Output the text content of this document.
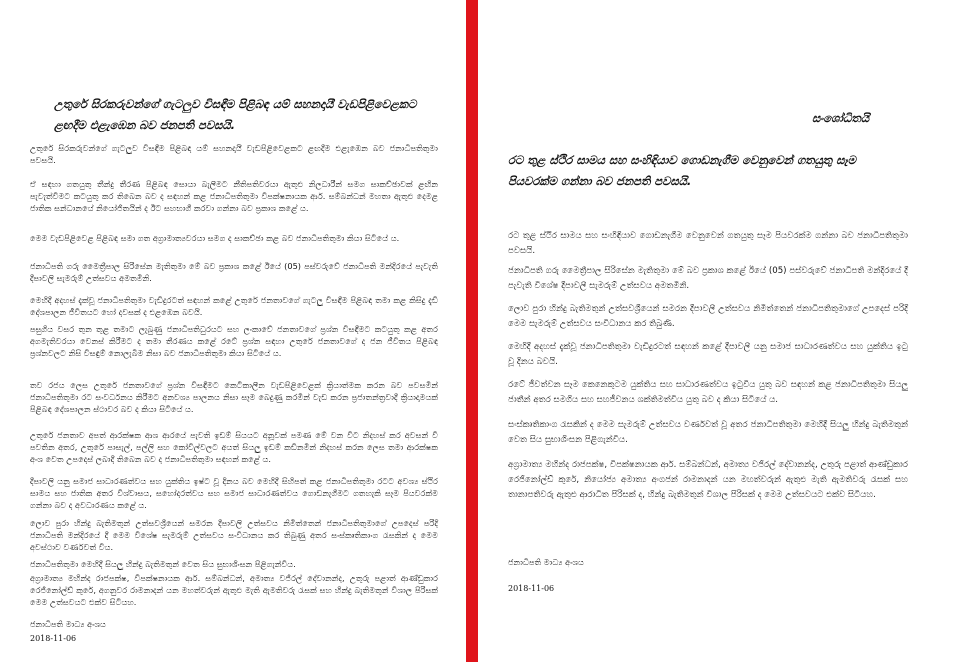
උතුරේ සිරකරුවන්ගේ ගැටලුව විසඳීම පිළිබඳ යම් සහනදායී වැඩපිළිවෙළකට ළඟදීම එළැඹෙන බව ජනපති පවසයි.

උතුරේ සිරකරුවන්ගේ ගැටලුව විසඳීම පිළිබඳ යම් සහනදායී වැඩපිළිවෙළකට ළඟදීම එළැඹෙන බව ජනාධිපතිතුමා පවසයි.

ඒ සඳහා ගතයුතු තීන්දු තීරණ පිළිබඳ සොයා බැලීමට නීතිපතිවරයා ඇතුළු නිලධාරීන් සමග සාකච්ඡාවක් ළඟින පැවැත්වීමට කටයුතු කර තිබෙන බව ද සඳහන් කළ ජනාධිපතිතුමා විපක්ෂනායක ආර්. සම්බන්ධන් මහතා ඇතුළු දෙමළ ජාතික සන්ධානයේ නියෝජිතයින් ද ඊට සහභාගී කරවා ගන්නා බව ප්‍රකාශ කළේ ය.

මෙම වැඩපිළිවෙළ පිළිබඳ සමා ගත අග්‍රාමාත්‍යවරයා සමග ද සාකච්ඡා කළ බව ජනාධිපතිතුමා කියා සිටියේ ය.

ජනාධිපති ගරු මෛත්‍රීපාල සිරිසේන මැතිතුමා මේ බව ප්‍රකාශ කළේ ඊයේ (05) පස්වරුවේ ජනාධිපති මන්දිරයේ පැවැති දීපාවලි සැමරුම් උත්සවය අමතමිනි.

මෙහිදී අදහස් දැක්වූ ජනාධිපතිතුමා වැඩිදුරටත් සඳහන් කළේ උතුරේ ජනතාවගේ ගැටලු විසඳීම පිළිබඳ තමා කළ කිසිදු දැඩි දේශපාලන ජීවිතයට හෝ දවසක් ද එළඹෙන බවයි.

පසුගිය වසර තුන තුළ තමාට ලැබුණු ජනාධිපතිධුරයට සහ ලංකාවේ ජනතාවගේ ප්‍රශ්න විසඳීමට කටයුතු කළ අතර අගමැතිවරයා වෙනස් කිරීමට ද තමා තීරණය කළේ රටේ ප්‍රශ්න සඳහා උතුරේ ජනතාවගේ ද ජන ජීවිතය පිළිබඳ ප්‍රශ්නවලට නිසි විසඳුම් නොලැබීම නිසා බව ජනාධිපතිතුමා කියා සිටියේ ය.

තව රජය ලෙස උතුරේ ජනතාවගේ ප්‍රශ්න විසඳීමට කෙටිකාලීන වැඩපිළිවෙළක් ක්‍රියාත්මක කරන බව පවසමින් ජනාධිපතිතුමා රට සංවර්ධනය කිරීමට අනවශ්‍ය පාලනය නිසා සෑම බෙදුණු කරමින් වැඩ කරන ප්‍රජාතන්ත්‍රවාදී ක්‍රියාදාමයක් පිළිබඳ දේශපාලන ස්ථාවර බව ද කියා සිටියේ ය.

උතුරේ ජනතාව අපත් ආරක්ෂක ආශ ආරයේ පැවති ඉඩම් සියයට අනූවක් පමණ මේ වන විට නිදහස් කර අවසන් වී පවතින අතර, උතුරේ පාසැල්, පල්ලි සහ කෝවිල්වලට අයත් සියලු ඉඩම් කඩිනමින් නිදහස් කරන ලෙස තමා ආරක්ෂක අංශ වෙත උපදෙස් ලබාදී තිබෙන බව ද ජනාධිපතිතුමා සඳහන් කළේ ය.

දීපාවලි යනු සමාජ සාධාරණත්වය සහ යුක්තිය ඉෂ්ට වූ දිනය බව මෙහිදී සිහිපත් කළ ජනාධිපතිතුමා රටට අවශ්‍ය ස්ථිර සාමය සහ ජාතික අතර විශ්වාසය, සහෝදරත්වය සහ සමාජ සාධාරණත්වය ගොඩනැගීමට ගතහැකි සෑම පියවරක්ම ගන්නා බව ද අවධාරණය කළේ ය.

ලොව පුරා හින්දු බැතිමතුන් උත්සවශ්‍රීයෙන් සමරන දීපාවලි උත්සවය නිමිත්තෙන් ජනාධිපතිතුමාගේ උපදෙස් පරිදි ජනාධිපති මන්දිරයේ දී මෙම විශේෂ සැමරුම් උත්සවය සංවිධානය කර තිබුණු අතර සංස්කෘතිකාංග රැසකින් ද මෙම අවස්ථාව වර්ණවත් විය.

ජනාධිපතිතුමා මෙහිදී සියලු හින්දු බැතිමතුන් වෙත සිය සුභාශිංසන පිළිගැන්විය.

අග්‍රාමාත්‍ය මහින්ද රාජපක්ෂ, විපක්ෂනායක ආර්. සම්බන්ධන්, අමාත්‍ය වජිරල් දේවානන්ද, උතුරු පළාත් ආණ්ඩුකාර රෙජිනෝල්ඩ් කුරේ, අගනුවර රාමනාදන් යන මහත්වරුන් ඇතුළු මැති ඇමතිවරු රැසක් සහ හින්දු බැතිමතුන් විශාල පිරිසක් මෙම උත්සවයට එක්ව සිටියහ.

ජනාධිපති මාධ්‍ය අංශය
2018-11-06
සංශෝධිතයි
රට තුළ ස්ථිර සාමය සහ සංහිඳියාව ගොඩනැගීම වෙනුවෙන් ගතයුතු සෑම පියවරක්ම ගන්නා බව ජනපති පවසයි.

රට තුළ ස්ථිර සාමය සහ සංහිඳියාව ගොඩනැගීම වෙනුවෙන් ගතයුතු සෑම පියවරක්ම ගන්නා බව ජනාධිපතිතුමා පවසයි.

ජනාධිපති ගරු මෛත්‍රීපාල සිරිසේන මැතිතුමා මේ බව ප්‍රකාශ කළේ ඊයේ (05) පස්වරුවේ ජනාධිපති මන්දිරයේ දී පැවැති විශේෂ දීපාවලී සැමරුම් උත්සවය අමතමිනි.

ලොව පුරා හින්දු බැතිමතුන් උත්සවශ්‍රීයෙන් සමරන දීපාවලී උත්සවය නිමිත්තෙන් ජනාධිපතිතුමාගේ උපදෙස් පරිදි මෙම සැමරුම් උත්සවය සංවිධානය කර තිබුණි.

මෙහිදී අදහස් දැක්වූ ජනාධිපතිතුමා වැඩිදුරටත් සඳහන් කළේ දීපාවලී යනු සමාජ සාධාරණත්වය සහ යුක්තිය ඉටු වූ දිනය බවයි.

රටේ ජීවත්වන සෑම කෙනෙකුටම යුක්තිය සහ සාධාරණත්වය ඉටුවිය යුතු බව සඳහන් කළ ජනාධිපතිතුමා සියලු ජාතීන් අතර සමගිය සහ සහජීවනය ශක්තිමත්විය යුතු බව ද කියා සිටියේ ය.

සංස්කෘතිකාංග රැසකින් ද මෙම සැමරුම් උත්සවය වර්ණවත් වූ අතර ජනාධිපතිතුමා මෙහිදී සියලු හින්දු බැතිමතුන් වෙත සිය සුභාශිංසන පිළිගැන්වීය.

අග්‍රාමාත්‍ය මහින්ද රාජපක්ෂ, විපක්ෂනායක ආර්. සම්බන්ධන්, අමාත්‍ය වජිරල් දේවානන්ද, උතුරු පළාත් ආණ්ඩුකාර රෙජිනෝල්ඩ් කුරේ, නියෝජ්‍ය අමාත්‍ය අංගජන් රාමනාදන් යන මහත්වරුන් ඇතුළු මැති ඇමතිවරු රැසක් සහ තානාපතිවරු ඇතුළු ආරාධිත පිරිසක් ද, හින්දු බැතිමතුන් විශාල පිරිසක් ද මෙම උත්සවයට එක්ව සිටියහ.

ජනාධිපති මාධ්‍ය අංශය
2018-11-06
